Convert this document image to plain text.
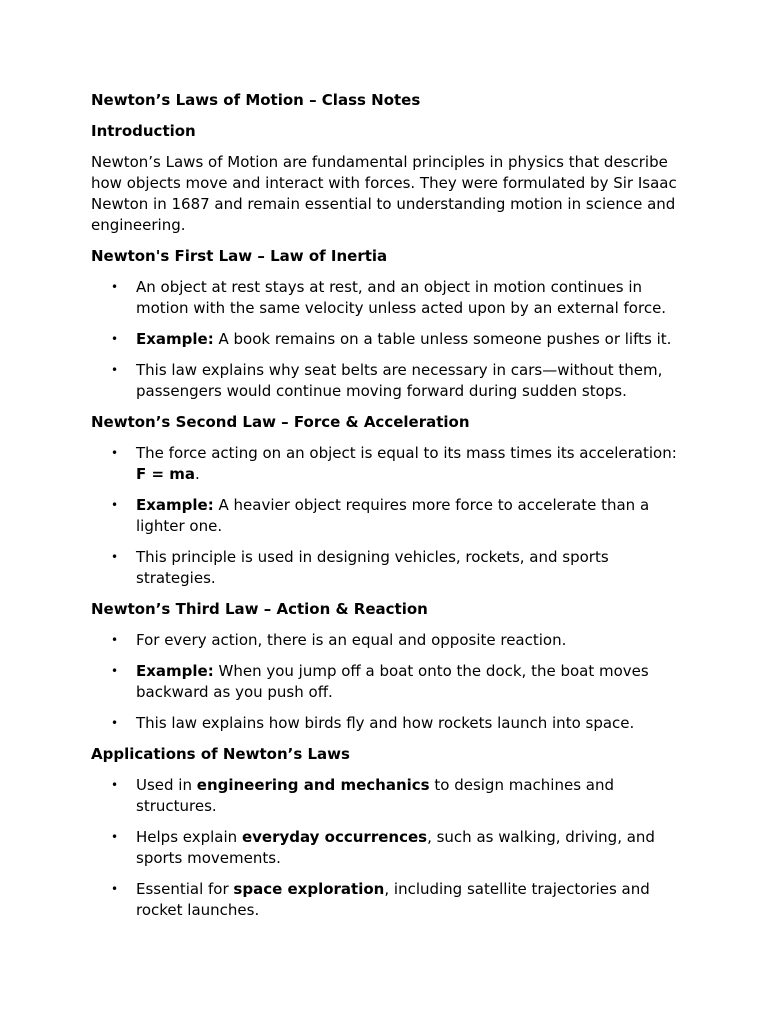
Newton’s Laws of Motion – Class Notes
Introduction

Newton’s Laws of Motion are fundamental principles in physics that describe how objects move and interact with forces. They were formulated by Sir Isaac Newton in 1687 and remain essential to understanding motion in science and engineering.

Newton's First Law – Law of Inertia
• An object at rest stays at rest, and an object in motion continues in motion with the same velocity unless acted upon by an external force.
• Example: A book remains on a table unless someone pushes or lifts it.
• This law explains why seat belts are necessary in cars—without them, passengers would continue moving forward during sudden stops.
Newton’s Second Law – Force & Acceleration
• The force acting on an object is equal to its mass times its acceleration: F = ma.
• Example: A heavier object requires more force to accelerate than a lighter one.
• This principle is used in designing vehicles, rockets, and sports strategies.
Newton’s Third Law – Action & Reaction
• For every action, there is an equal and opposite reaction.
• Example: When you jump off a boat onto the dock, the boat moves backward as you push off.
• This law explains how birds fly and how rockets launch into space.
Applications of Newton’s Laws
• Used in engineering and mechanics to design machines and structures.
• Helps explain everyday occurrences, such as walking, driving, and sports movements.
• Essential for space exploration, including satellite trajectories and rocket launches.
